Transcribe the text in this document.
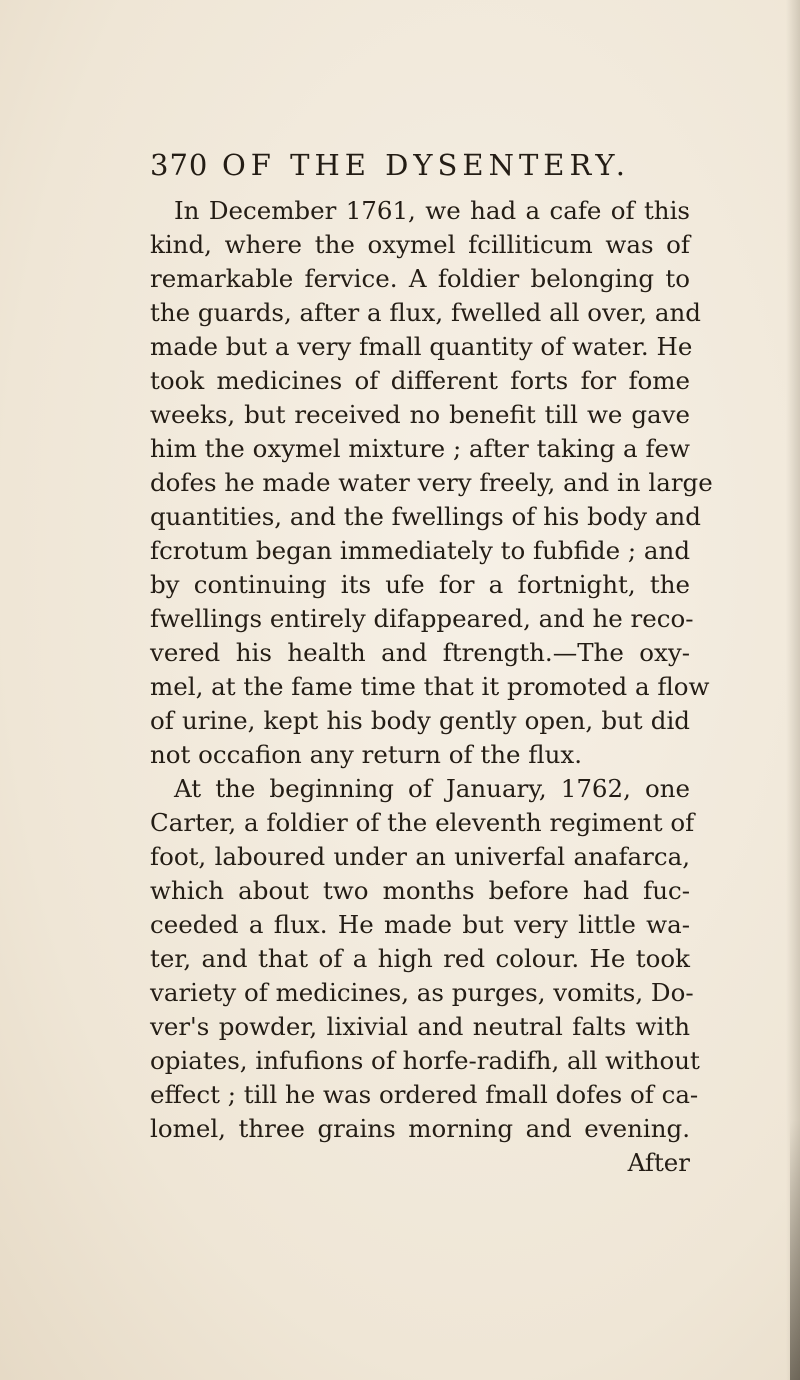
370 OF THE DYSENTERY.
In December 1761, we had a cafe of this
kind, where the oxymel fcilliticum was of
remarkable fervice. A foldier belonging to
the guards, after a flux, fwelled all over, and
made but a very fmall quantity of water. He
took medicines of different forts for fome
weeks, but received no benefit till we gave
him the oxymel mixture ; after taking a few
dofes he made water very freely, and in large
quantities, and the fwellings of his body and
fcrotum began immediately to fubfide ; and
by continuing its ufe for a fortnight, the
fwellings entirely difappeared, and he reco-
vered his health and ftrength.—The oxy-
mel, at the fame time that it promoted a flow
of urine, kept his body gently open, but did
not occafion any return of the flux.
At the beginning of January, 1762, one
Carter, a foldier of the eleventh regiment of
foot, laboured under an univerfal anafarca,
which about two months before had fuc-
ceeded a flux. He made but very little wa-
ter, and that of a high red colour. He took
variety of medicines, as purges, vomits, Do-
ver's powder, lixivial and neutral falts with
opiates, infufions of horfe-radifh, all without
effect ; till he was ordered fmall dofes of ca-
lomel, three grains morning and evening.
After
